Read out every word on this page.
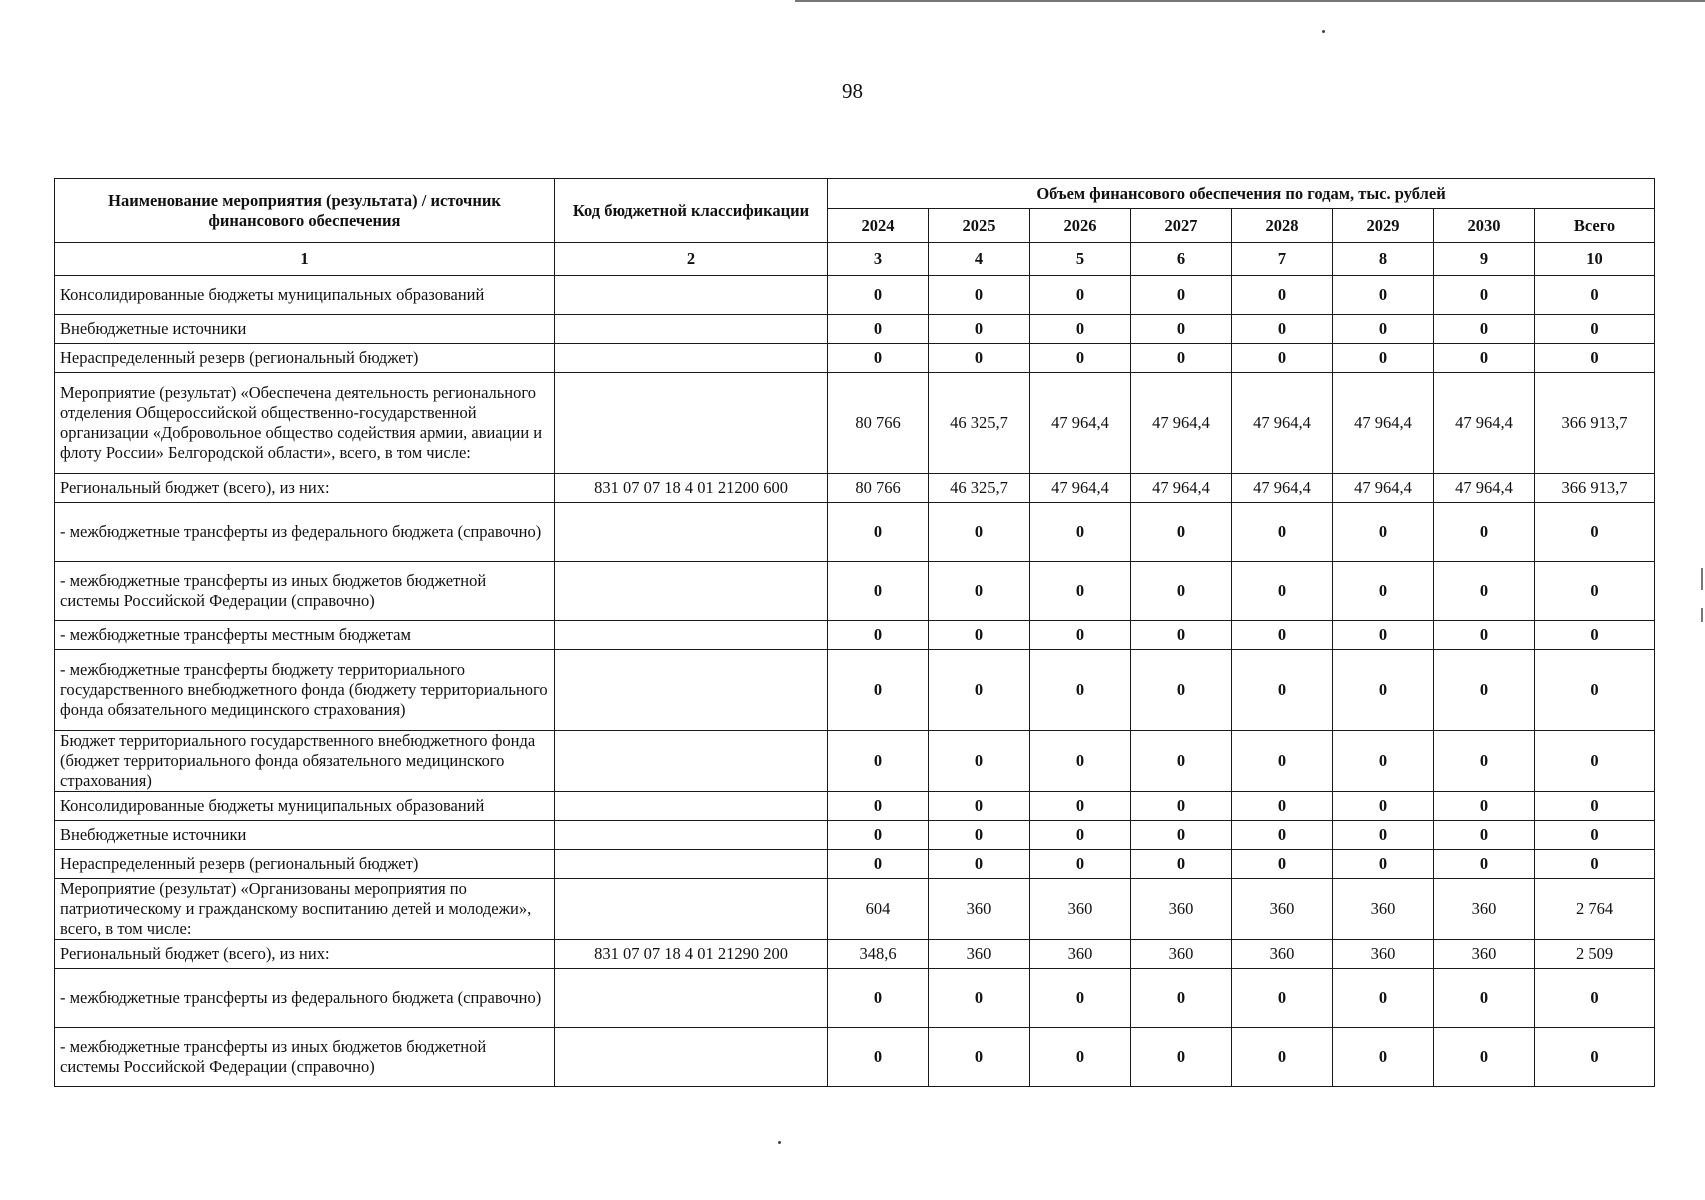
98
Наименование мероприятия (результата) / источник финансового обеспечения	Код бюджетной классификации	Объем финансового обеспечения по годам, тыс. рублей							
		2024	2025	2026	2027	2028	2029	2030	Всего
1	2	3	4	5	6	7	8	9	10
Консолидированные бюджеты муниципальных образований		0	0	0	0	0	0	0	0
Внебюджетные источники		0	0	0	0	0	0	0	0
Нераспределенный резерв (региональный бюджет)		0	0	0	0	0	0	0	0
Мероприятие (результат) «Обеспечена деятельность регионального отделения Общероссийской общественно-государственной организации «Добровольное общество содействия армии, авиации и флоту России» Белгородской области», всего, в том числе:		80 766	46 325,7	47 964,4	47 964,4	47 964,4	47 964,4	47 964,4	366 913,7
Региональный бюджет (всего), из них:	831 07 07 18 4 01 21200 600	80 766	46 325,7	47 964,4	47 964,4	47 964,4	47 964,4	47 964,4	366 913,7
- межбюджетные трансферты из федерального бюджета (справочно)		0	0	0	0	0	0	0	0
- межбюджетные трансферты из иных бюджетов бюджетной системы Российской Федерации (справочно)		0	0	0	0	0	0	0	0
- межбюджетные трансферты местным бюджетам		0	0	0	0	0	0	0	0
- межбюджетные трансферты бюджету территориального государственного внебюджетного фонда (бюджету территориального фонда обязательного медицинского страхования)		0	0	0	0	0	0	0	0
Бюджет территориального государственного внебюджетного фонда (бюджет территориального фонда обязательного медицинского страхования)		0	0	0	0	0	0	0	0
Консолидированные бюджеты муниципальных образований		0	0	0	0	0	0	0	0
Внебюджетные источники		0	0	0	0	0	0	0	0
Нераспределенный резерв (региональный бюджет)		0	0	0	0	0	0	0	0
Мероприятие (результат) «Организованы мероприятия по патриотическому и гражданскому воспитанию детей и молодежи», всего, в том числе:		604	360	360	360	360	360	360	2 764
Региональный бюджет (всего), из них:	831 07 07 18 4 01 21290 200	348,6	360	360	360	360	360	360	2 509
- межбюджетные трансферты из федерального бюджета (справочно)		0	0	0	0	0	0	0	0
- межбюджетные трансферты из иных бюджетов бюджетной системы Российской Федерации (справочно)		0	0	0	0	0	0	0	0
